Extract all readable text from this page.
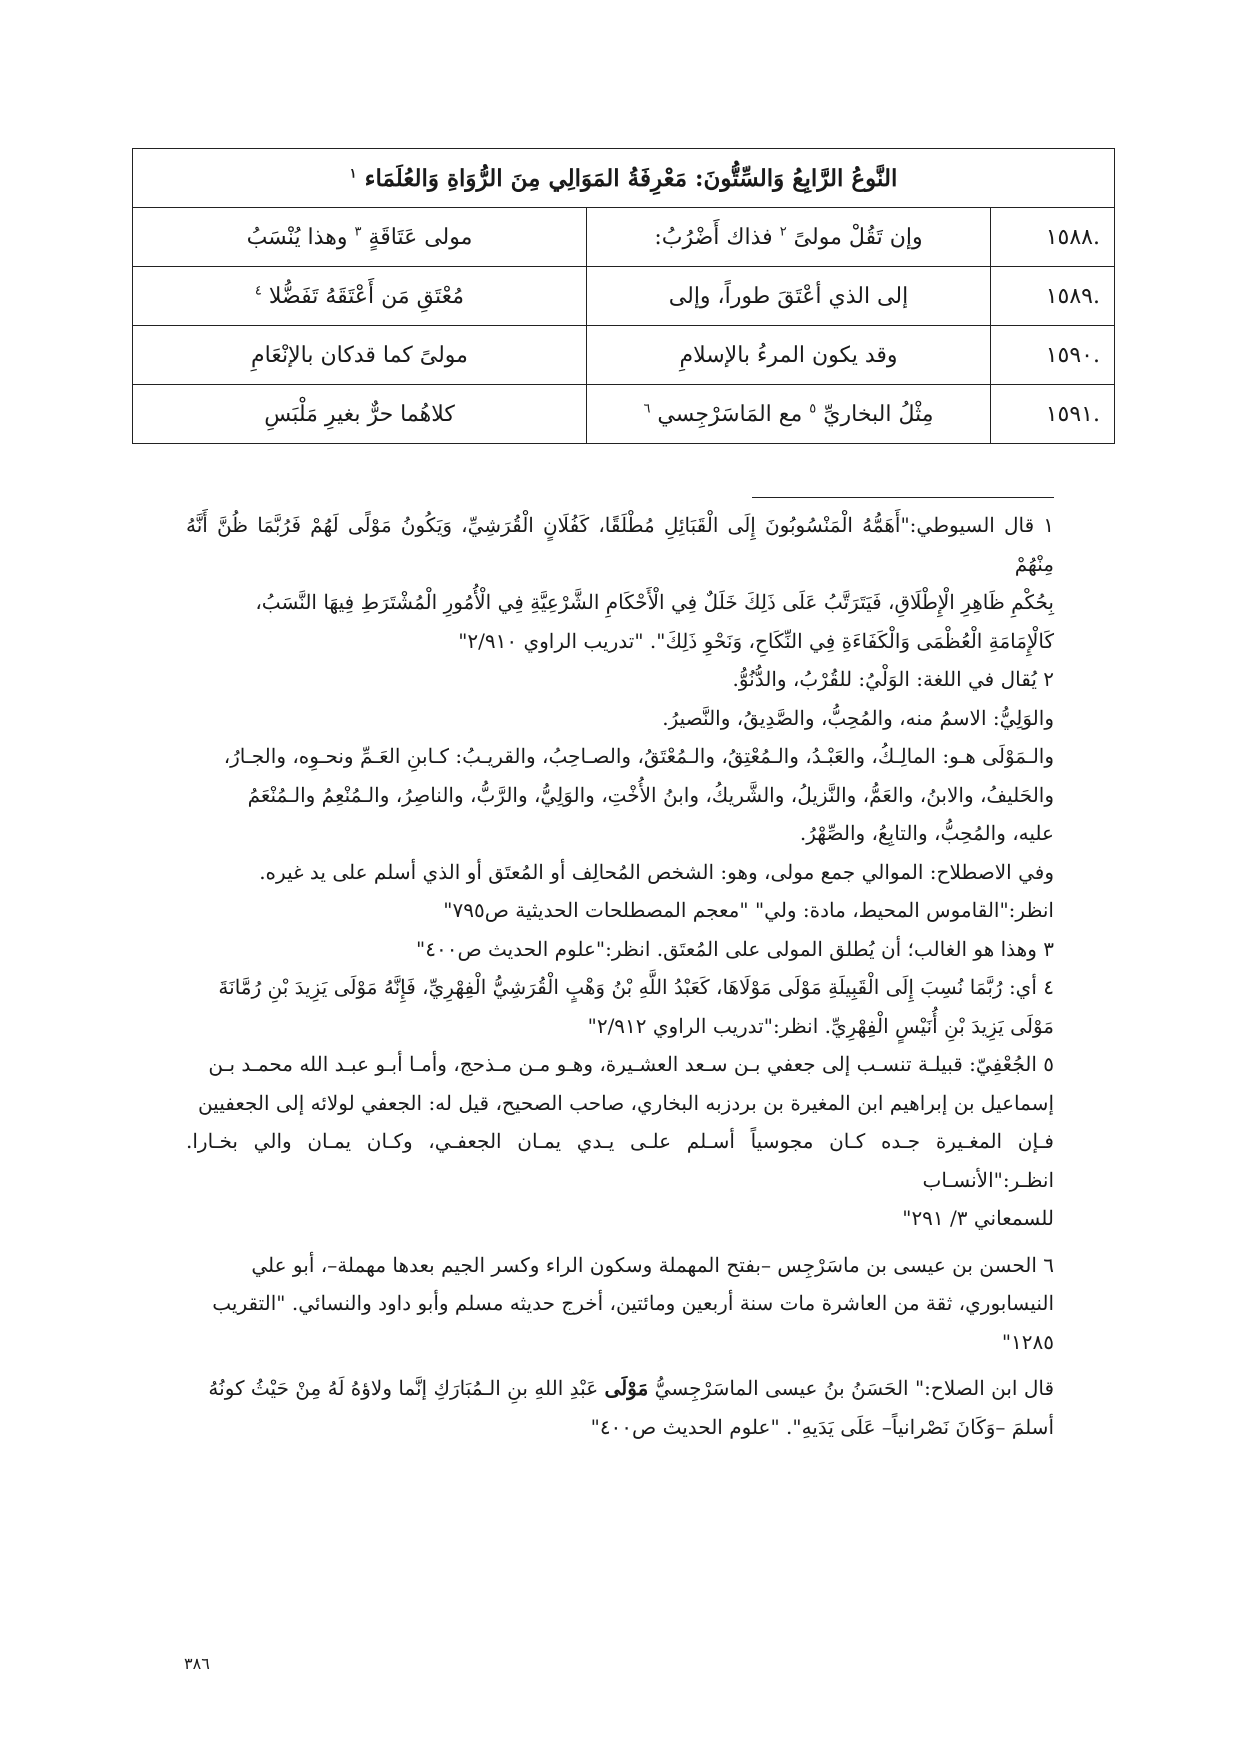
النَّوعُ الرَّابِعُ وَالسِّتُّونَ: مَعْرِفَةُ المَوَالِي مِنَ الرُّوَاةِ وَالعُلَمَاء $^١$
.١٥٨٨	وإن تَقُلْ مولىً $^٢$ فذاك أَضْرُبُ:	مولى عَتَاقَةٍ $^٣$ وهذا يُنْسَبُ
.١٥٨٩	إلى الذي أعْتَقَ طوراً، وإلى	مُعْتَقِ مَن أَعْتَقَهُ تَفَضُّلا $^٤$
.١٥٩٠	وقد يكون المرءُ بالإسلامِ	مولىً كما قدكان بالإنْعَامِ
.١٥٩١	مِثْلُ البخاريِّ $^٥$ مع المَاسَرْجِسي $^٦$	كلاهُما حرٌّ بغيرِ مَلْبَسِ

١ قال السيوطي:"أَهَمُّهُ الْمَنْسُوبُونَ إِلَى الْقَبَائِلِ مُطْلَقًا، كَفُلَانٍ الْقُرَشِيِّ، وَيَكُونُ مَوْلًى لَهُمْ فَرُبَّمَا ظُنَّ أَنَّهُ مِنْهُمْ

بِحُكْمِ ظَاهِرِ الْإِطْلَاقِ، فَيَتَرَتَّبُ عَلَى ذَلِكَ خَلَلٌ فِي الْأَحْكَامِ الشَّرْعِيَّةِ فِي الْأُمُورِ الْمُشْتَرَطِ فِيهَا النَّسَبُ،

كَالْإِمَامَةِ الْعُظْمَى وَالْكَفَاءَةِ فِي النِّكَاحِ، وَنَحْوِ ذَلِكَ". "تدريب الراوي ٢/٩١٠"

٢ يُقال في اللغة: الوَلْيُ: للقُرْبُ، والدُّنُوُّ.

والوَلِيُّ: الاسمُ منه، والمُحِبُّ، والصَّدِيقُ، والنَّصيرُ.

والـمَوْلَى هـو: المالِـكُ، والعَبْـدُ، والـمُعْتِقُ، والـمُعْتَقُ، والصـاحِبُ، والقريـبُ: كـابنِ العَـمِّ ونحـوِه، والجـارُ،

والحَليفُ، والابنُ، والعَمُّ، والنَّزيلُ، والشَّريكُ، وابنُ الأُخْتِ، والوَلِيُّ، والرَّبُّ، والناصِرُ، والـمُنْعِمُ والـمُنْعَمُ

عليه، والمُحِبُّ، والتابِعُ، والصِّهْرُ.

وفي الاصطلاح: الموالي جمع مولى، وهو: الشخص المُحالِف أو المُعتَق أو الذي أسلم على يد غيره.

انظر:"القاموس المحيط، مادة: ولي" "معجم المصطلحات الحديثية ص٧٩٥"

٣ وهذا هو الغالب؛ أن يُطلق المولى على المُعتَق. انظر:"علوم الحديث ص٤٠٠"

٤ أي: رُبَّمَا نُسِبَ إِلَى الْقَبِيلَةِ مَوْلَى مَوْلَاهَا، كَعَبْدُ اللَّهِ بْنُ وَهْبٍ الْقُرَشِيُّ الْفِهْرِيِّ، فَإِنَّهُ مَوْلَى يَزِيدَ بْنِ رُمَّانَةَ

مَوْلَى يَزِيدَ بْنِ أُنَيْسٍ الْفِهْرِيِّ. انظر:"تدريب الراوي ٢/٩١٢"

٥ الجُعْفِيّ: قبيلـة تنسـب إلى جعفي بـن سـعد العشـيرة، وهـو مـن مـذحج، وأمـا أبـو عبـد الله محمـد بـن

إسماعيل بن إبراهيم ابن المغيرة بن بردزبه البخاري، صاحب الصحيح، قيل له: الجعفي لولائه إلى الجعفيين

فـإن المغـيرة جـده كـان مجوسياً أسـلم علـى يـدي يمـان الجعفـي، وكـان يمـان والي بخـارا. انظـر:"الأنسـاب

للسمعاني ٣/ ٢٩١"

٦ الحسن بن عيسى بن ماسَرْجِس –بفتح المهملة وسكون الراء وكسر الجيم بعدها مهملة–، أبو علي

النيسابوري، ثقة من العاشرة مات سنة أربعين ومائتين، أخرج حديثه مسلم وأبو داود والنسائي. "التقريب

١٢٨٥"

قال ابن الصلاح:" الحَسَنُ بنُ عيسى الماسَرْجِسيُّ مَوْلَى عَبْدِ اللهِ بنِ الـمُبَارَكِ إنَّما ولاؤهُ لَهُ مِنْ حَيْثُ كونُهُ

أسلمَ –وَكَانَ نَصْرانياً– عَلَى يَدَيهِ". "علوم الحديث ص٤٠٠"

٣٨٦
